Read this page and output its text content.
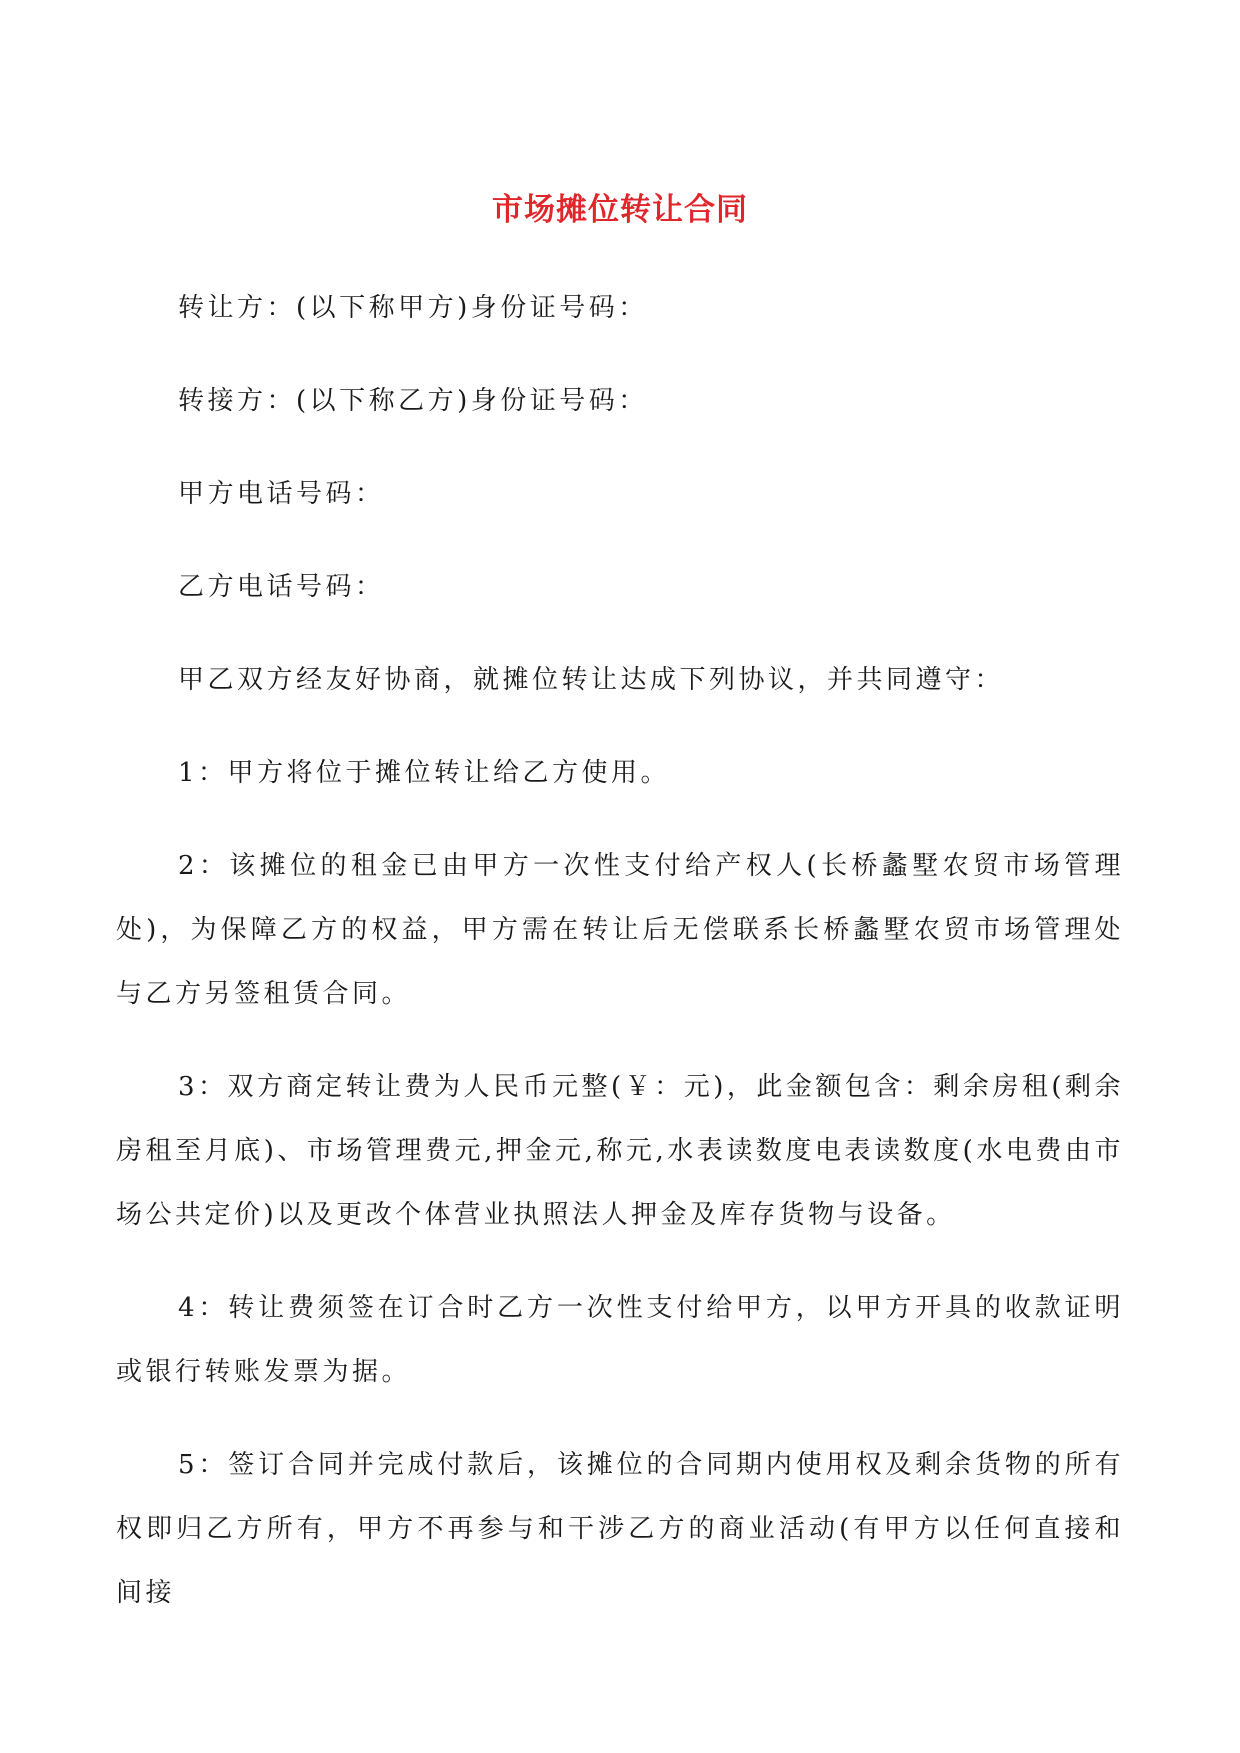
市场摊位转让合同

转让方：(以下称甲方)身份证号码：

转接方：(以下称乙方)身份证号码：

甲方电话号码：

乙方电话号码：

甲乙双方经友好协商，就摊位转让达成下列协议，并共同遵守：

1：甲方将位于摊位转让给乙方使用。

2：该摊位的租金已由甲方一次性支付给产权人(长桥蠡墅农贸市场管理处)，为保障乙方的权益，甲方需在转让后无偿联系长桥蠡墅农贸市场管理处与乙方另签租赁合同。

3：双方商定转让费为人民币元整(￥：元)，此金额包含：剩余房租(剩余房租至月底)、市场管理费元,押金元,称元,水表读数度电表读数度(水电费由市场公共定价)以及更改个体营业执照法人押金及库存货物与设备。

4：转让费须签在订合时乙方一次性支付给甲方，以甲方开具的收款证明或银行转账发票为据。

5：签订合同并完成付款后，该摊位的合同期内使用权及剩余货物的所有权即归乙方所有，甲方不再参与和干涉乙方的商业活动(有甲方以任何直接和间接
